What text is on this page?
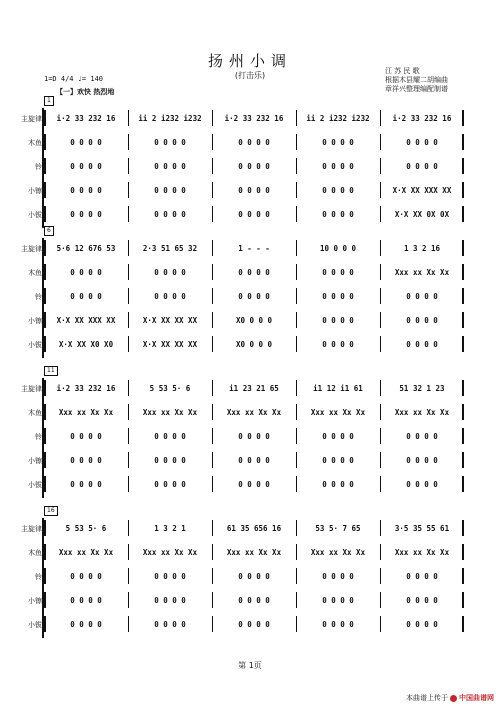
扬州小调
(打击乐)
1=D 4/4 ♩= 140
江 苏 民 歌
根据木县耀二胡编曲
章祥兴整理编配制谱
【一】欢快 热烈地
1
主旋律	i·2 33 232 16	ii 2 i232 i232	i·2 33 232 16	ii 2 i232 i232	i·2 33 232 16
木鱼	0 0 0 0	0 0 0 0	0 0 0 0	0 0 0 0	0 0 0 0
铃	0 0 0 0	0 0 0 0	0 0 0 0	0 0 0 0	0 0 0 0
小镲	0 0 0 0	0 0 0 0	0 0 0 0	0 0 0 0	X·X XX XXX XX
小钹	0 0 0 0	0 0 0 0	0 0 0 0	0 0 0 0	X·X XX 0X 0X
6
主旋律	5·6 12 676 53	2·3 51 65 32	1 - - -	10 0 0 0	1 3 2 16
木鱼	0 0 0 0	0 0 0 0	0 0 0 0	0 0 0 0	Xxx xx Xx Xx
铃	0 0 0 0	0 0 0 0	0 0 0 0	0 0 0 0	0 0 0 0
小镲	X·X XX XXX XX	X·X XX XX XX	X0 0 0 0	0 0 0 0	0 0 0 0
小钹	X·X XX X0 X0	X·X XX XX XX	X0 0 0 0	0 0 0 0	0 0 0 0
11
主旋律	i·2 33 232 16	5 53 5· 6	i1 23 21 65	i1 12 i1 61	51 32 1 23
木鱼	Xxx xx Xx Xx	Xxx xx Xx Xx	Xxx xx Xx Xx	Xxx xx Xx Xx	Xxx xx Xx Xx
铃	0 0 0 0	0 0 0 0	0 0 0 0	0 0 0 0	0 0 0 0
小镲	0 0 0 0	0 0 0 0	0 0 0 0	0 0 0 0	0 0 0 0
小钹	0 0 0 0	0 0 0 0	0 0 0 0	0 0 0 0	0 0 0 0
16
主旋律	5 53 5· 6	1 3 2 1	61 35 656 16	53 5· 7 65	3·5 35 55 61
木鱼	Xxx xx Xx Xx	Xxx xx Xx Xx	Xxx xx Xx Xx	Xxx xx Xx Xx	Xxx xx Xx Xx
铃	0 0 0 0	0 0 0 0	0 0 0 0	0 0 0 0	0 0 0 0
小镲	0 0 0 0	0 0 0 0	0 0 0 0	0 0 0 0	0 0 0 0
小钹	0 0 0 0	0 0 0 0	0 0 0 0	0 0 0 0	0 0 0 0
第 1页
本曲谱上传于 中国曲谱网
